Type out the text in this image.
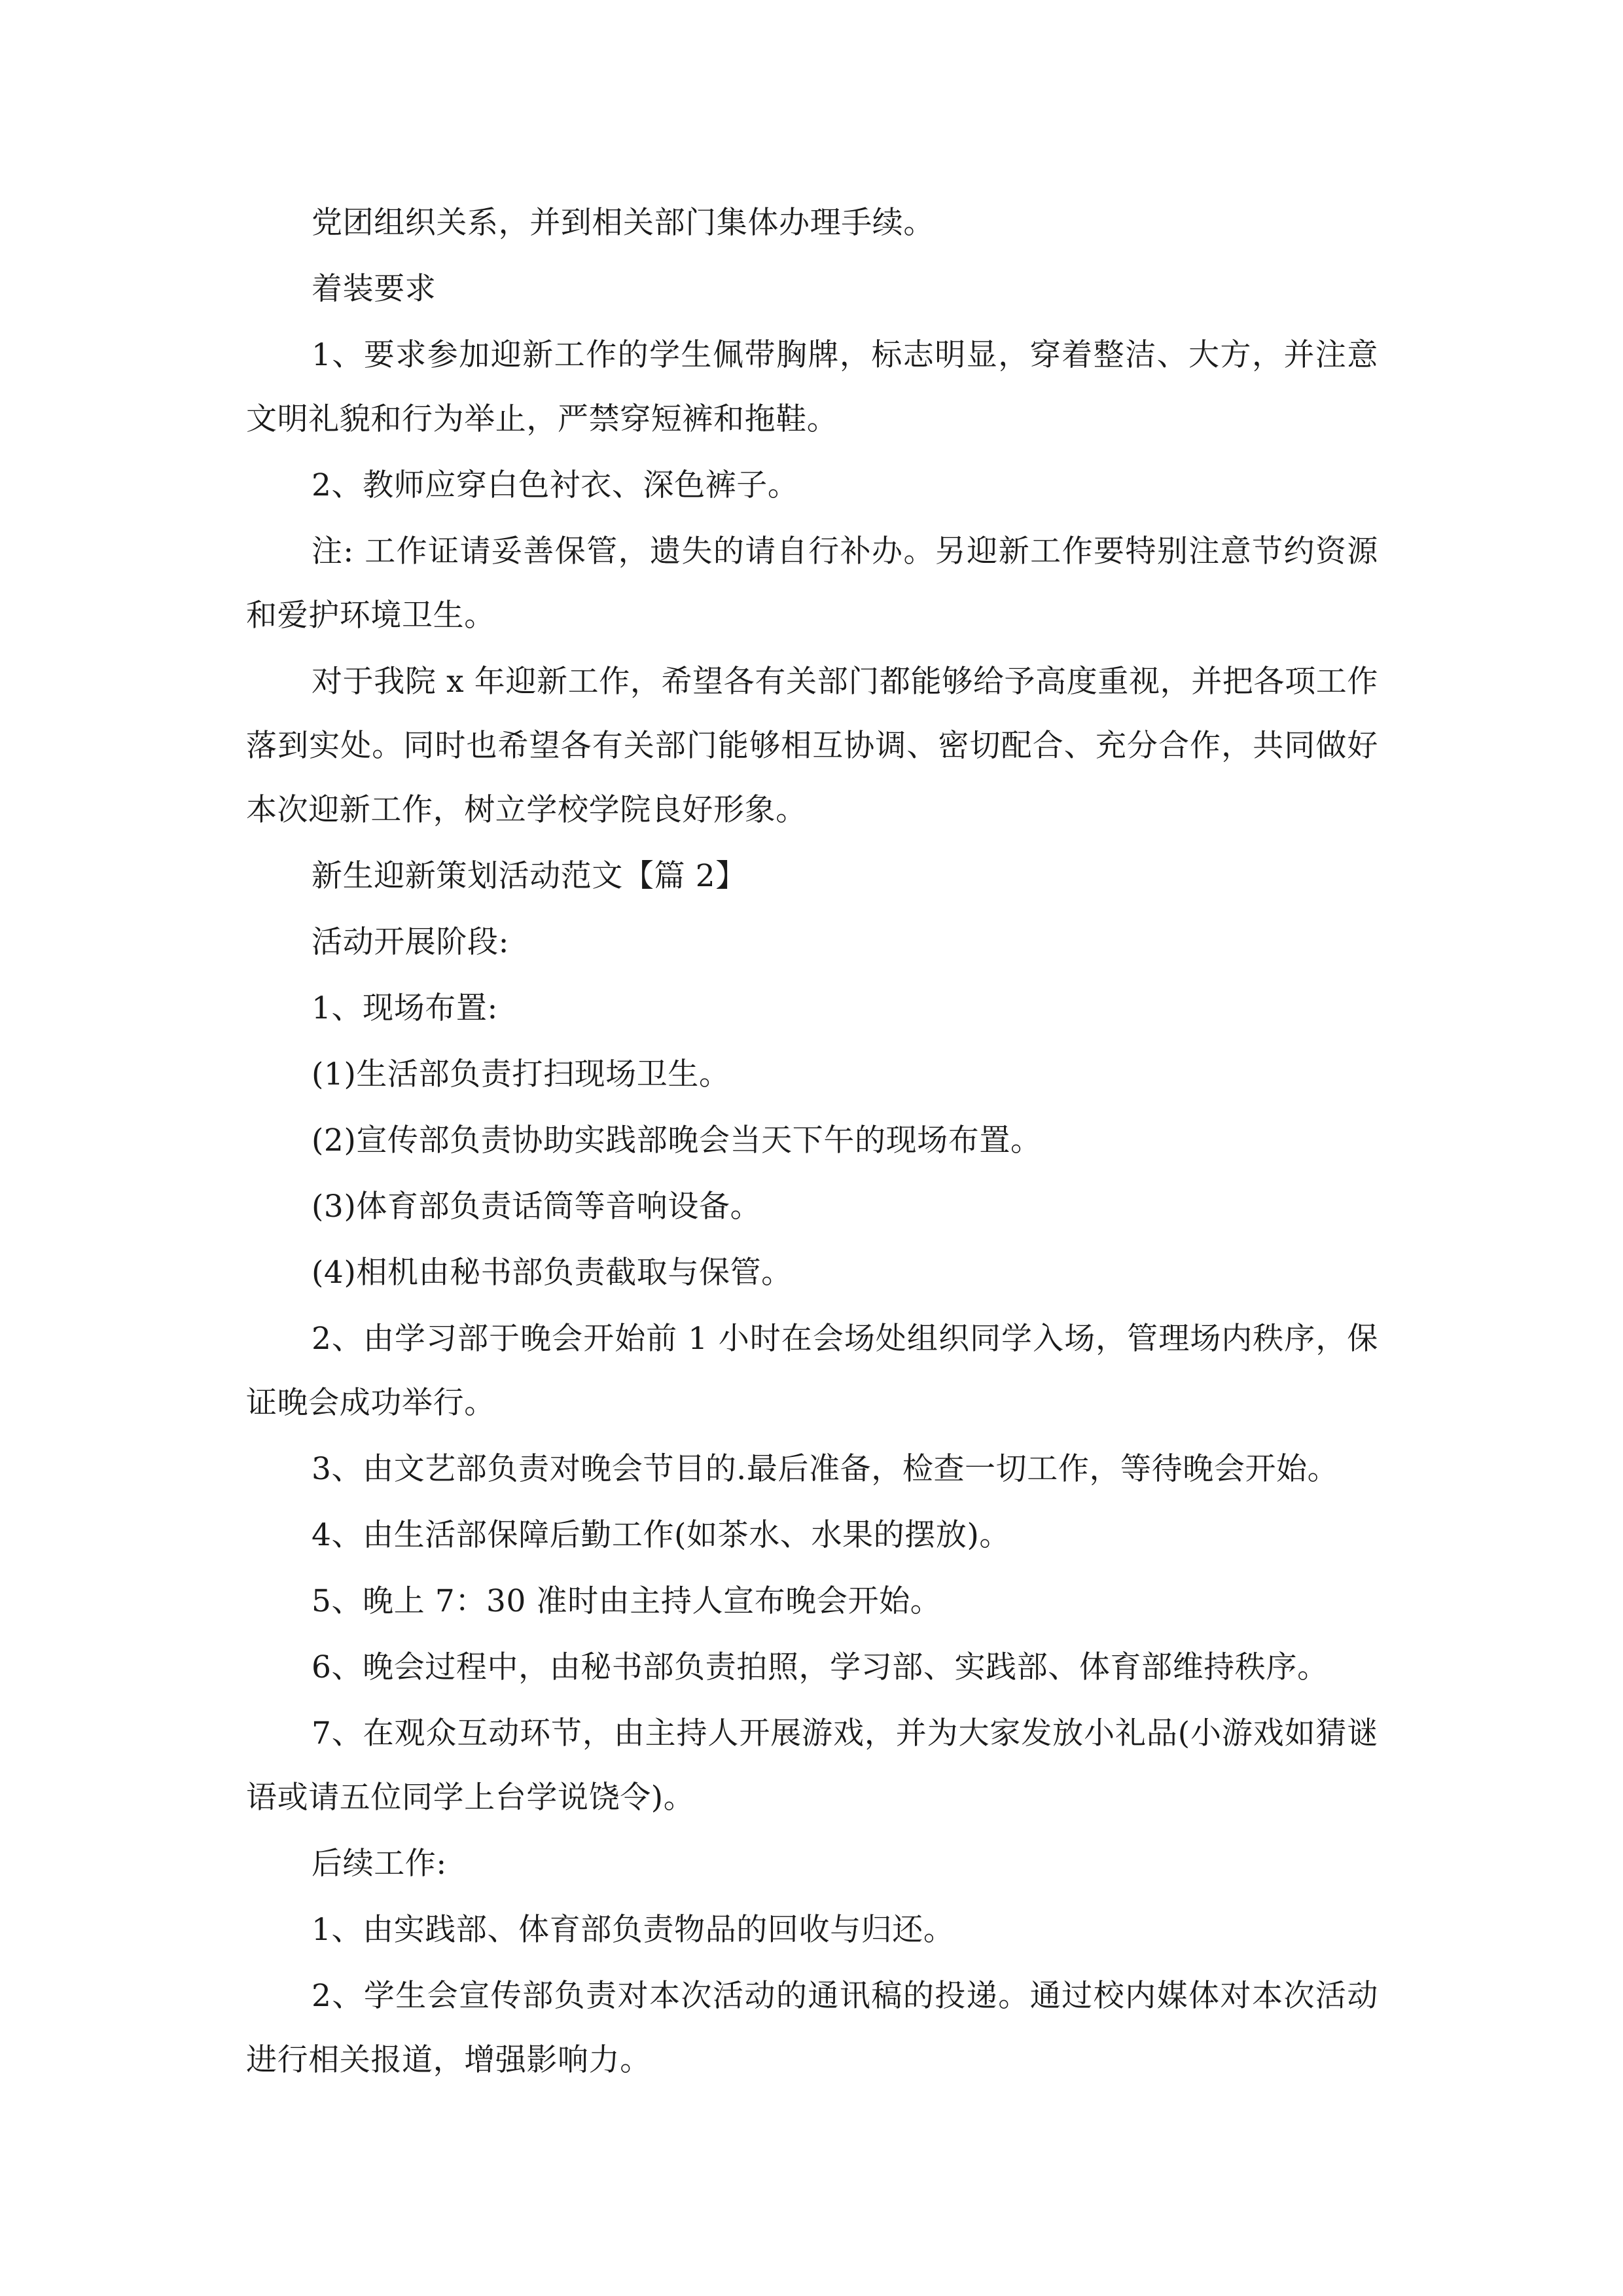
党团组织关系，并到相关部门集体办理手续。

着装要求

1、要求参加迎新工作的学生佩带胸牌，标志明显，穿着整洁、大方，并注意文明礼貌和行为举止，严禁穿短裤和拖鞋。

2、教师应穿白色衬衣、深色裤子。

注: 工作证请妥善保管，遗失的请自行补办。另迎新工作要特别注意节约资源和爱护环境卫生。

对于我院 x 年迎新工作，希望各有关部门都能够给予高度重视，并把各项工作落到实处。同时也希望各有关部门能够相互协调、密切配合、充分合作，共同做好本次迎新工作，树立学校学院良好形象。

新生迎新策划活动范文【篇 2】

活动开展阶段:

1、现场布置:

(1)生活部负责打扫现场卫生。

(2)宣传部负责协助实践部晚会当天下午的现场布置。

(3)体育部负责话筒等音响设备。

(4)相机由秘书部负责截取与保管。

2、由学习部于晚会开始前 1 小时在会场处组织同学入场，管理场内秩序，保证晚会成功举行。

3、由文艺部负责对晚会节目的.最后准备，检查一切工作，等待晚会开始。

4、由生活部保障后勤工作(如茶水、水果的摆放)。

5、晚上 7：30 准时由主持人宣布晚会开始。

6、晚会过程中，由秘书部负责拍照，学习部、实践部、体育部维持秩序。

7、在观众互动环节，由主持人开展游戏，并为大家发放小礼品(小游戏如猜谜语或请五位同学上台学说饶令)。

后续工作:

1、由实践部、体育部负责物品的回收与归还。

2、学生会宣传部负责对本次活动的通讯稿的投递。通过校内媒体对本次活动进行相关报道，增强影响力。
